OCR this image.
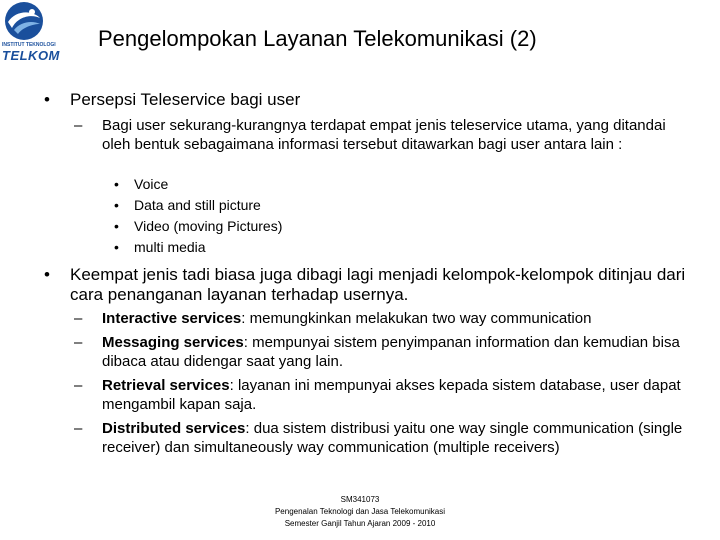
INSTITUT TEKNOLOGI
TELKOM
Pengelompokan Layanan Telekomunikasi (2)
• Persepsi Teleservice bagi user
– Bagi user sekurang-kurangnya terdapat empat jenis teleservice utama, yang ditandai oleh bentuk sebagaimana informasi tersebut ditawarkan bagi user antara lain :
• Voice
• Data and still picture
• Video (moving Pictures)
• multi media
• Keempat jenis tadi biasa juga dibagi lagi menjadi kelompok-kelompok ditinjau dari cara penanganan layanan terhadap usernya.
– Interactive services: memungkinkan melakukan two way communication
– Messaging services: mempunyai sistem penyimpanan information dan kemudian bisa dibaca atau didengar saat yang lain.
– Retrieval services: layanan ini mempunyai akses kepada sistem database, user dapat mengambil kapan saja.
– Distributed services: dua sistem distribusi yaitu one way single communication (single receiver) dan simultaneously way communication (multiple receivers)
SM341073
Pengenalan Teknologi dan Jasa Telekomunikasi
Semester Ganjil Tahun Ajaran 2009 - 2010
